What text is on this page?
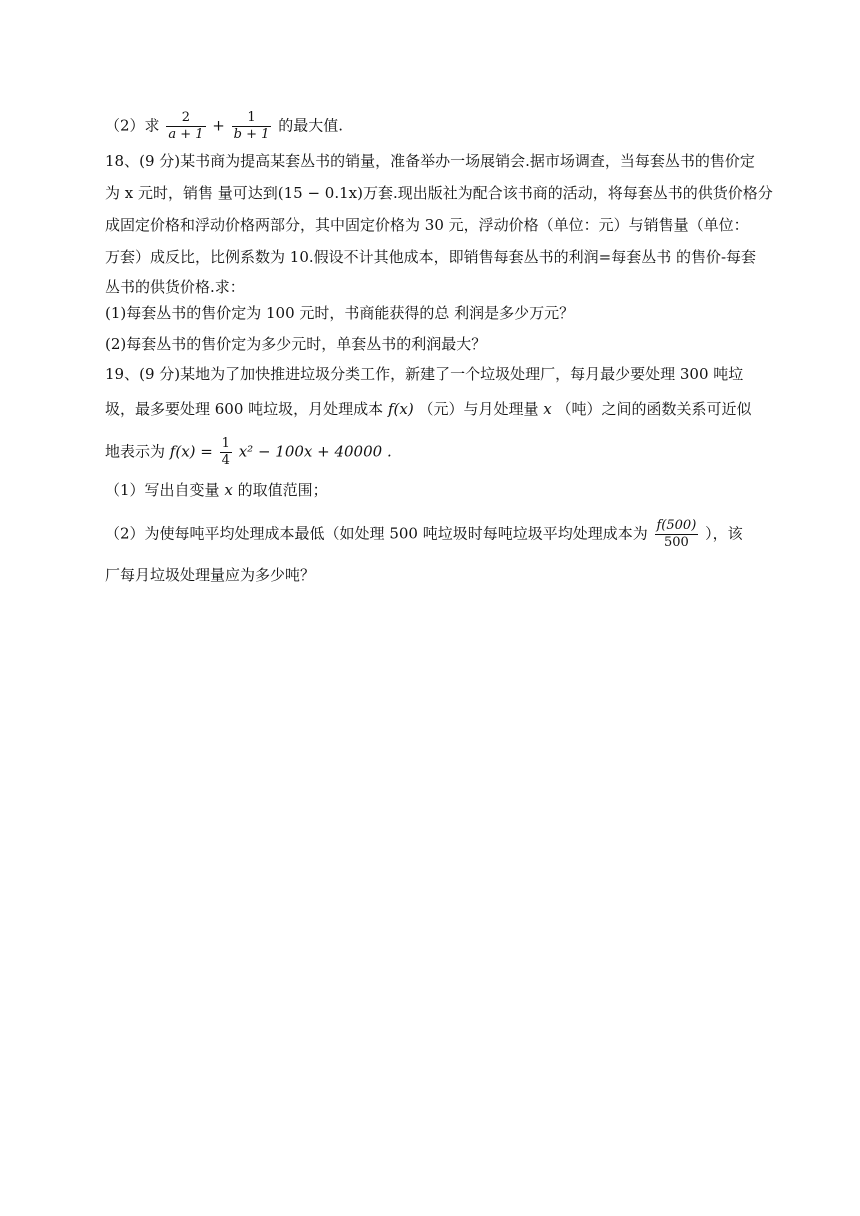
（2）求 $\frac{2}{a + 1} + \frac{1}{b + 1}$ 的最大值.
18、(9 分)某书商为提高某套丛书的销量，准备举办一场展销会.据市场调查，当每套丛书的售价定
为 x 元时，销售 量可达到(15 − 0.1x)万套.现出版社为配合该书商的活动，将每套丛书的供货价格分
成固定价格和浮动价格两部分，其中固定价格为 30 元，浮动价格（单位：元）与销售量（单位：
万套）成反比，比例系数为 10.假设不计其他成本，即销售每套丛书的利润=每套丛书 的售价-每套
丛书的供货价格.求：
(1)每套丛书的售价定为 100 元时，书商能获得的总 利润是多少万元？
(2)每套丛书的售价定为多少元时，单套丛书的利润最大？
19、(9 分)某地为了加快推进垃圾分类工作，新建了一个垃圾处理厂，每月最少要处理 300 吨垃
圾，最多要处理 600 吨垃圾，月处理成本 f(x) （元）与月处理量 x （吨）之间的函数关系可近似
地表示为 $f(x) = \frac{1}{4} x^2 - 100x + 40000$ .
（1）写出自变量 x 的取值范围；
（2）为使每吨平均处理成本最低（如处理 500 吨垃圾时每吨垃圾平均处理成本为 $\frac{f(500)}{500}$ ），该
厂每月垃圾处理量应为多少吨？
